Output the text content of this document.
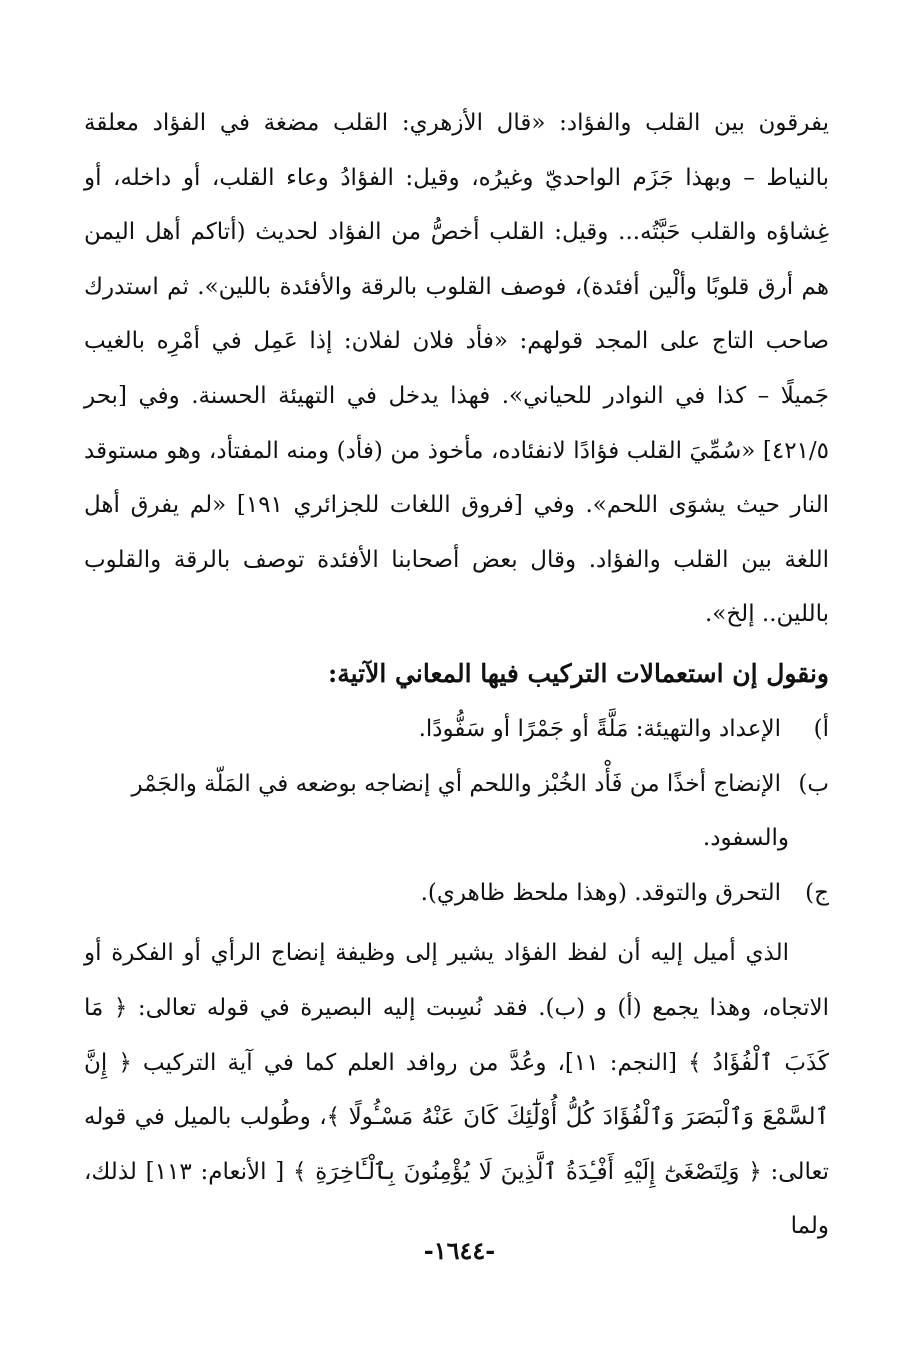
يفرقون بين القلب والفؤاد: «قال الأزهري: القلب مضغة في الفؤاد معلقة بالنياط – وبهذا جَزَم الواحديّ وغيرُه، وقيل: الفؤادُ وعاء القلب، أو داخله، أو غِشاؤه والقلب حَبَّتُه... وقيل: القلب أخصُّ من الفؤاد لحديث (أتاكم أهل اليمن هم أرق قلوبًا وألْين أفئدة)، فوصف القلوب بالرقة والأفئدة باللين». ثم استدرك صاحب التاج على المجد قولهم: «فأد فلان لفلان: إذا عَمِل في أمْرِه بالغيب جَميلًا – كذا في النوادر للحياني». فهذا يدخل في التهيئة الحسنة. وفي [بحر ٤٢١/٥] «سُمِّيَ القلب فؤادًا لانفئاده، مأخوذ من (فأد) ومنه المفتأد، وهو مستوقد النار حيث يشوَى اللحم». وفي [فروق اللغات للجزائري ١٩١] «لم يفرق أهل اللغة بين القلب والفؤاد. وقال بعض أصحابنا الأفئدة توصف بالرقة والقلوب باللين.. إلخ».

ونقول إن استعمالات التركيب فيها المعاني الآتية:

أ)الإعداد والتهيئة: مَلَّةً أو جَمْرًا أو سَفُّودًا.

ب)الإنضاج أخذًا من فَأْد الخُبْز واللحم أي إنضاجه بوضعه في المَلّة والجَمْر
والسفود.

ج)التحرق والتوقد. (وهذا ملحظ ظاهري).

الذي أميل إليه أن لفظ الفؤاد يشير إلى وظيفة إنضاج الرأي أو الفكرة أو الاتجاه، وهذا يجمع (أ) و (ب). فقد نُسِبت إليه البصيرة في قوله تعالى: ﴿ مَا كَذَبَ ٱلْفُؤَادُ ﴾ [النجم: ١١]، وعُدَّ من روافد العلم كما في آية التركيب ﴿ إِنَّ ٱلسَّمْعَ وَٱلْبَصَرَ وَٱلْفُؤَادَ كُلُّ أُوْلَٰٓئِكَ كَانَ عَنْهُ مَسْـُٔولًا ﴾، وطُولب بالميل في قوله تعالى: ﴿ وَلِتَصْغَىٰٓ إِلَيْهِ أَفْـِٔدَةُ ٱلَّذِينَ لَا يُؤْمِنُونَ بِٱلْـَٔاخِرَةِ ﴾ [ الأنعام: ١١٣] لذلك، ولما

-١٦٤٤-
